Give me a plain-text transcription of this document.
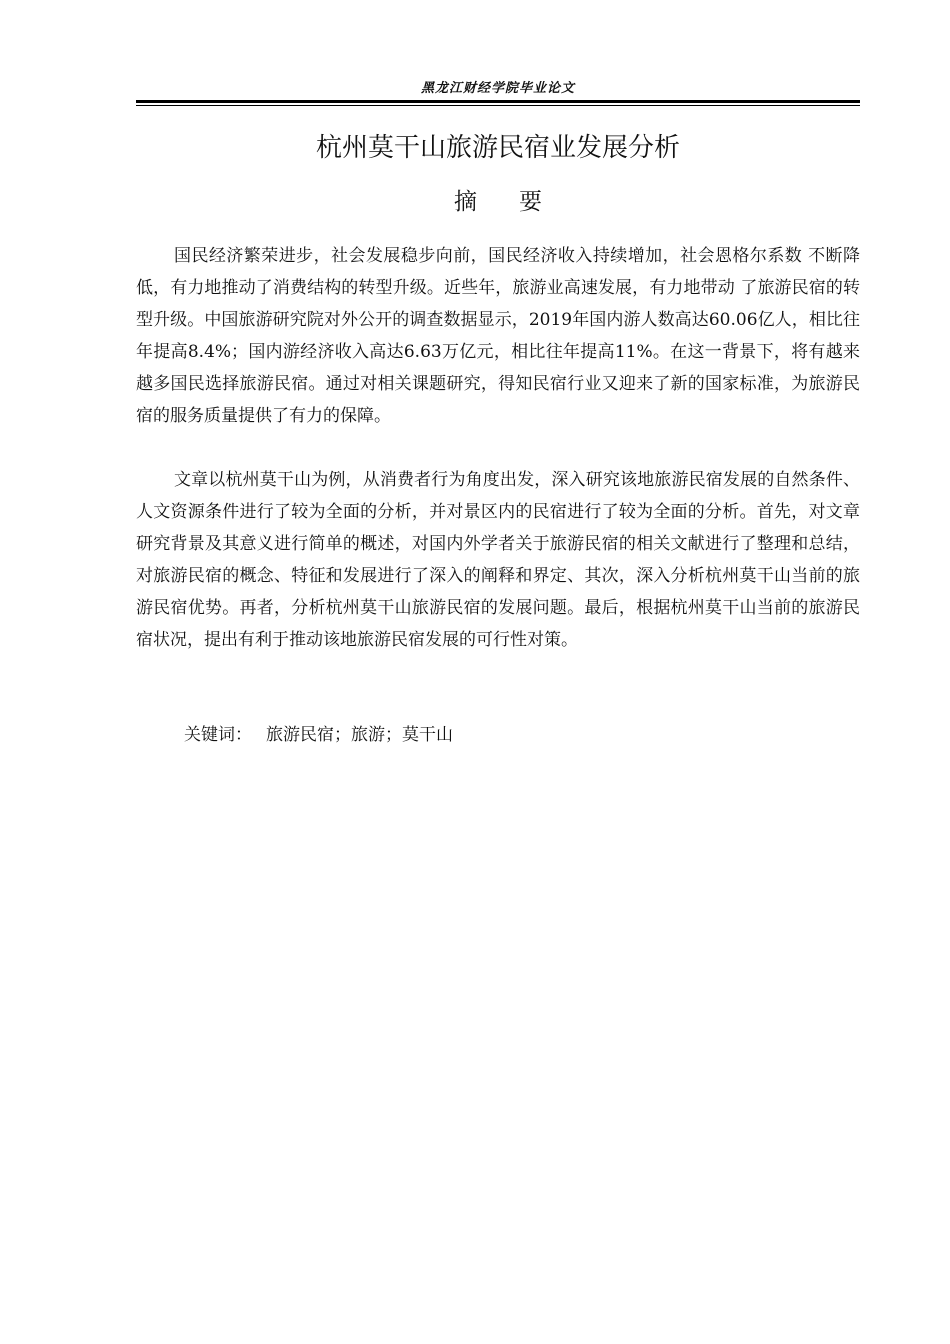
黑龙江财经学院毕业论文
杭州莫干山旅游民宿业发展分析
摘要

国民经济繁荣进步，社会发展稳步向前，国民经济收入持续增加，社会恩格尔系数 不断降低，有力地推动了消费结构的转型升级。近些年，旅游业高速发展，有力地带动 了旅游民宿的转型升级。中国旅游研究院对外公开的调查数据显示，2019年国内游人数高达60.06亿人，相比往年提高8.4%；国内游经济收入高达6.63万亿元，相比往年提高11%。在这一背景下，将有越来越多国民选择旅游民宿。通过对相关课题研究，得知民宿行业又迎来了新的国家标准，为旅游民宿的服务质量提供了有力的保障。

文章以杭州莫干山为例，从消费者行为角度出发，深入研究该地旅游民宿发展的自然条件、人文资源条件进行了较为全面的分析，并对景区内的民宿进行了较为全面的分析。首先，对文章研究背景及其意义进行简单的概述，对国内外学者关于旅游民宿的相关文献进行了整理和总结，对旅游民宿的概念、特征和发展进行了深入的阐释和界定、其次，深入分析杭州莫干山当前的旅游民宿优势。再者，分析杭州莫干山旅游民宿的发展问题。最后，根据杭州莫干山当前的旅游民宿状况，提出有利于推动该地旅游民宿发展的可行性对策。

关键词： 旅游民宿；旅游；莫干山
